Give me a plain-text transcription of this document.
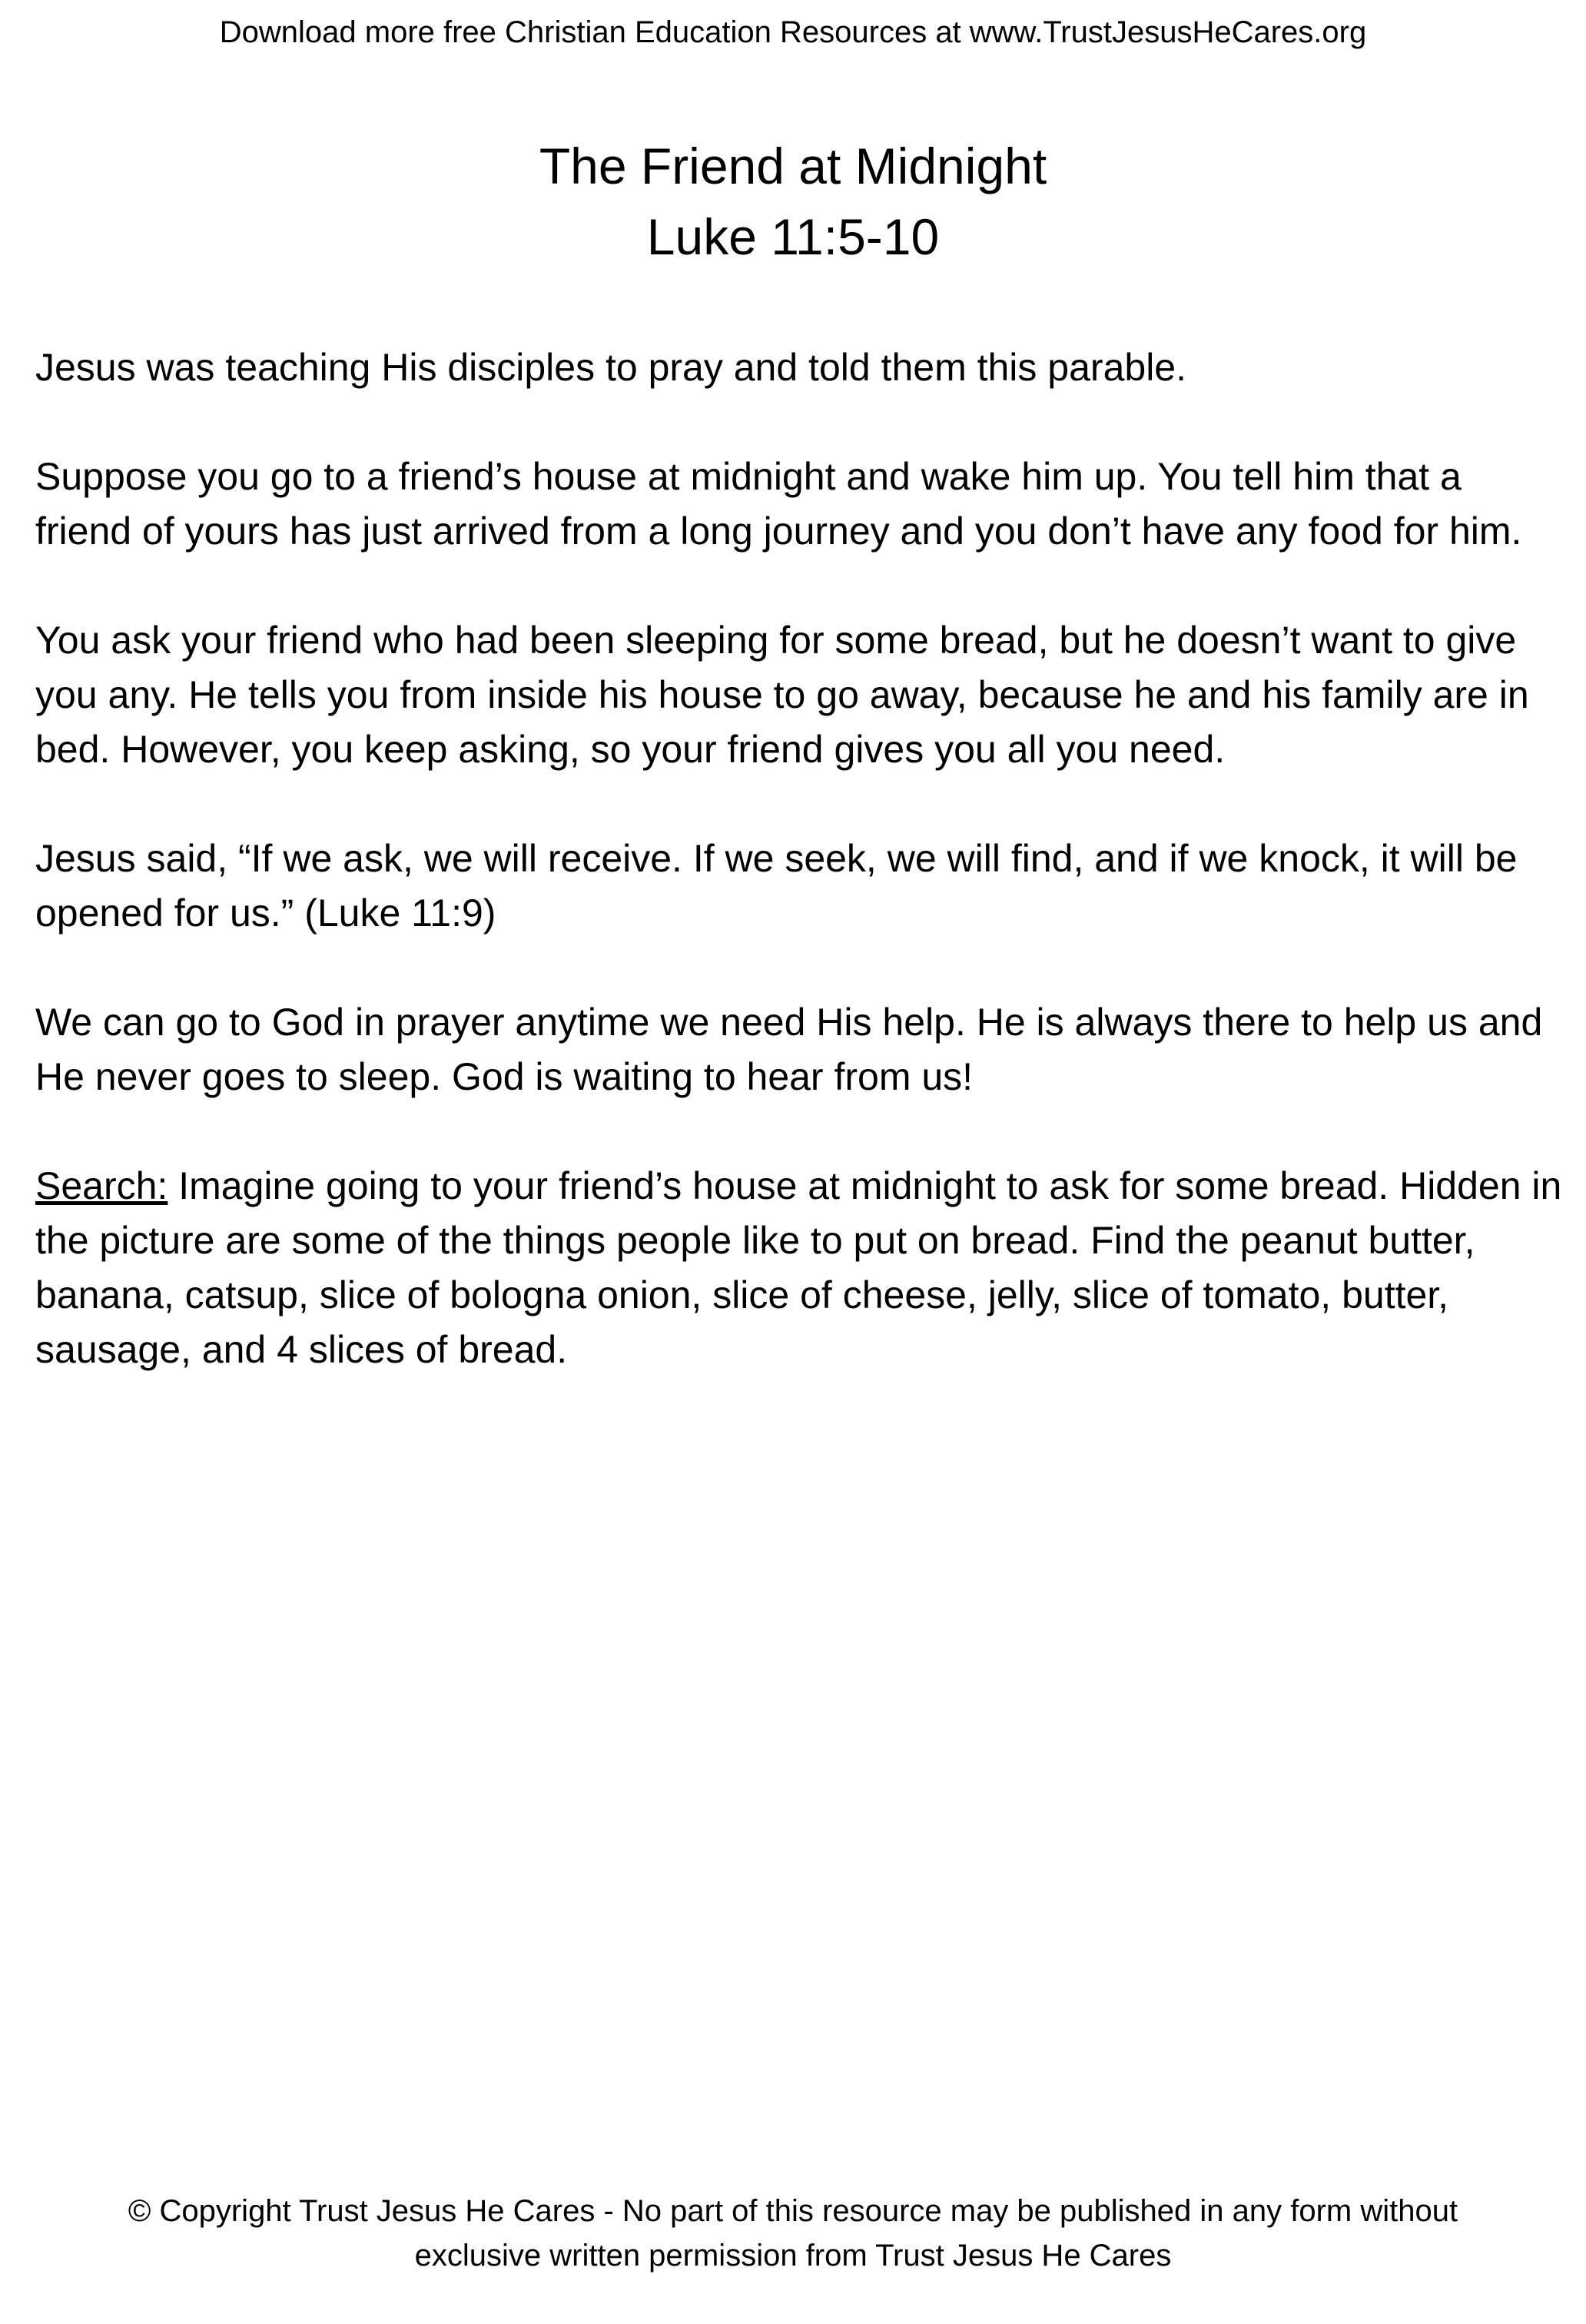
Download more free Christian Education Resources at www.TrustJesusHeCares.org
The Friend at Midnight
Luke 11:5-10

Jesus was teaching His disciples to pray and told them this parable.

Suppose you go to a friend’s house at midnight and wake him up. You tell him that a friend of yours has just arrived from a long journey and you don’t have any food for him.

You ask your friend who had been sleeping for some bread, but he doesn’t want to give you any. He tells you from inside his house to go away, because he and his family are in bed. However, you keep asking, so your friend gives you all you need.

Jesus said, “If we ask, we will receive. If we seek, we will find, and if we knock, it will be opened for us.” (Luke 11:9)

We can go to God in prayer anytime we need His help. He is always there to help us and He never goes to sleep. God is waiting to hear from us!

Search: Imagine going to your friend’s house at midnight to ask for some bread. Hidden in the picture are some of the things people like to put on bread. Find the peanut butter, banana, catsup, slice of bologna onion, slice of cheese, jelly, slice of tomato, butter, sausage, and 4 slices of bread.

© Copyright Trust Jesus He Cares - No part of this resource may be published in any form without
exclusive written permission from Trust Jesus He Cares
